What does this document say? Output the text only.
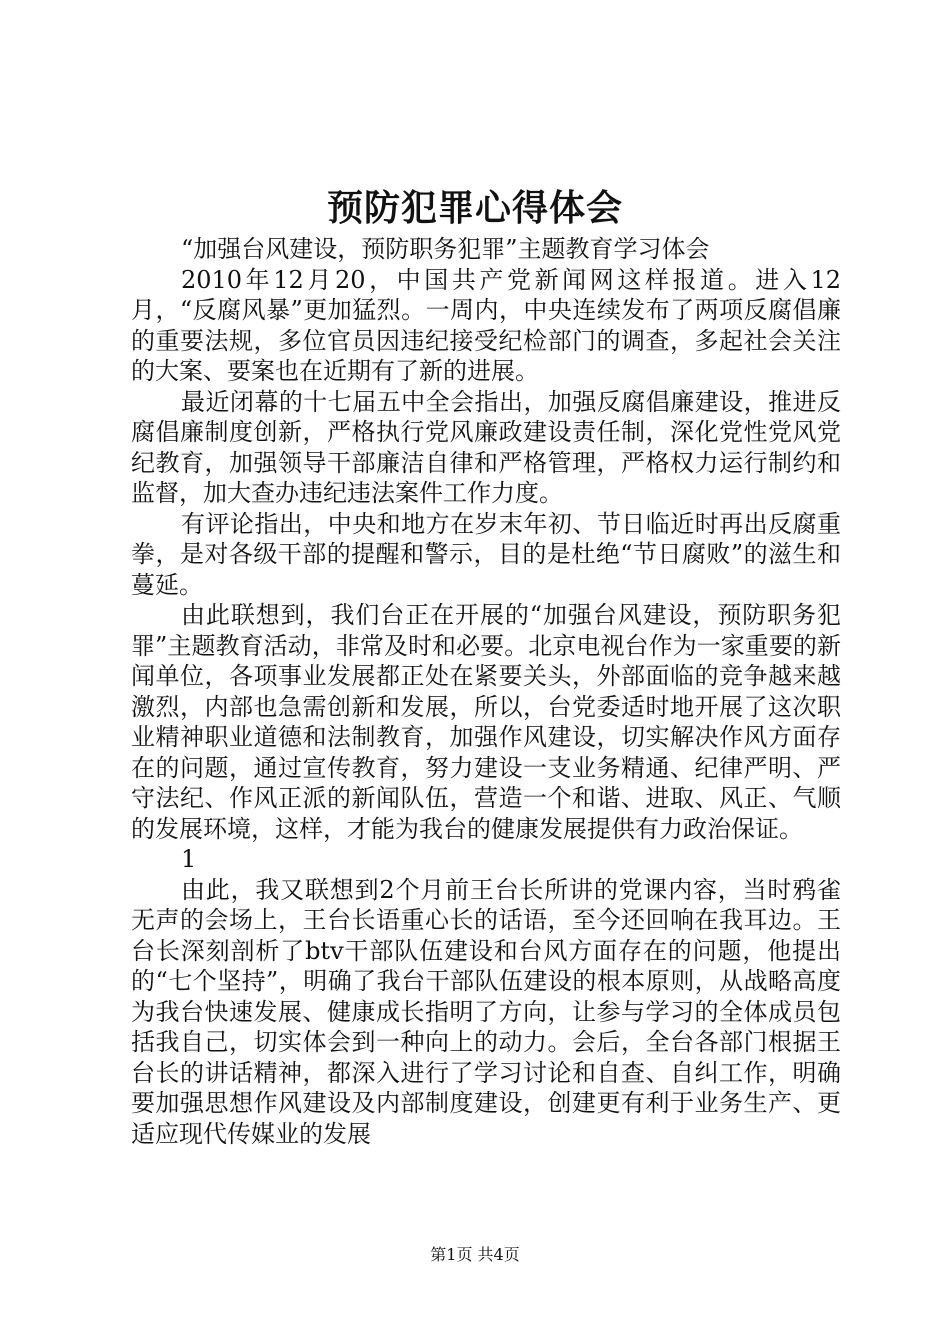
预防犯罪心得体会

“加强台风建设，预防职务犯罪”主题教育学习体会

2010年12月20，中国共产党新闻网这样报道。进入12月，“反腐风暴”更加猛烈。一周内，中央连续发布了两项反腐倡廉的重要法规，多位官员因违纪接受纪检部门的调查，多起社会关注的大案、要案也在近期有了新的进展。

最近闭幕的十七届五中全会指出，加强反腐倡廉建设，推进反腐倡廉制度创新，严格执行党风廉政建设责任制，深化党性党风党纪教育，加强领导干部廉洁自律和严格管理，严格权力运行制约和监督，加大查办违纪违法案件工作力度。

有评论指出，中央和地方在岁末年初、节日临近时再出反腐重拳，是对各级干部的提醒和警示，目的是杜绝“节日腐败”的滋生和蔓延。

由此联想到，我们台正在开展的“加强台风建设，预防职务犯罪”主题教育活动，非常及时和必要。北京电视台作为一家重要的新闻单位，各项事业发展都正处在紧要关头，外部面临的竞争越来越激烈，内部也急需创新和发展，所以，台党委适时地开展了这次职业精神职业道德和法制教育，加强作风建设，切实解决作风方面存在的问题，通过宣传教育，努力建设一支业务精通、纪律严明、严守法纪、作风正派的新闻队伍，营造一个和谐、进取、风正、气顺的发展环境，这样，才能为我台的健康发展提供有力政治保证。

1

由此，我又联想到2个月前王台长所讲的党课内容，当时鸦雀无声的会场上，王台长语重心长的话语，至今还回响在我耳边。王台长深刻剖析了btv干部队伍建设和台风方面存在的问题，他提出的“七个坚持”，明确了我台干部队伍建设的根本原则，从战略高度为我台快速发展、健康成长指明了方向，让参与学习的全体成员包括我自己，切实体会到一种向上的动力。会后，全台各部门根据王台长的讲话精神，都深入进行了学习讨论和自查、自纠工作，明确要加强思想作风建设及内部制度建设，创建更有利于业务生产、更适应现代传媒业的发展

第1页 共4页
